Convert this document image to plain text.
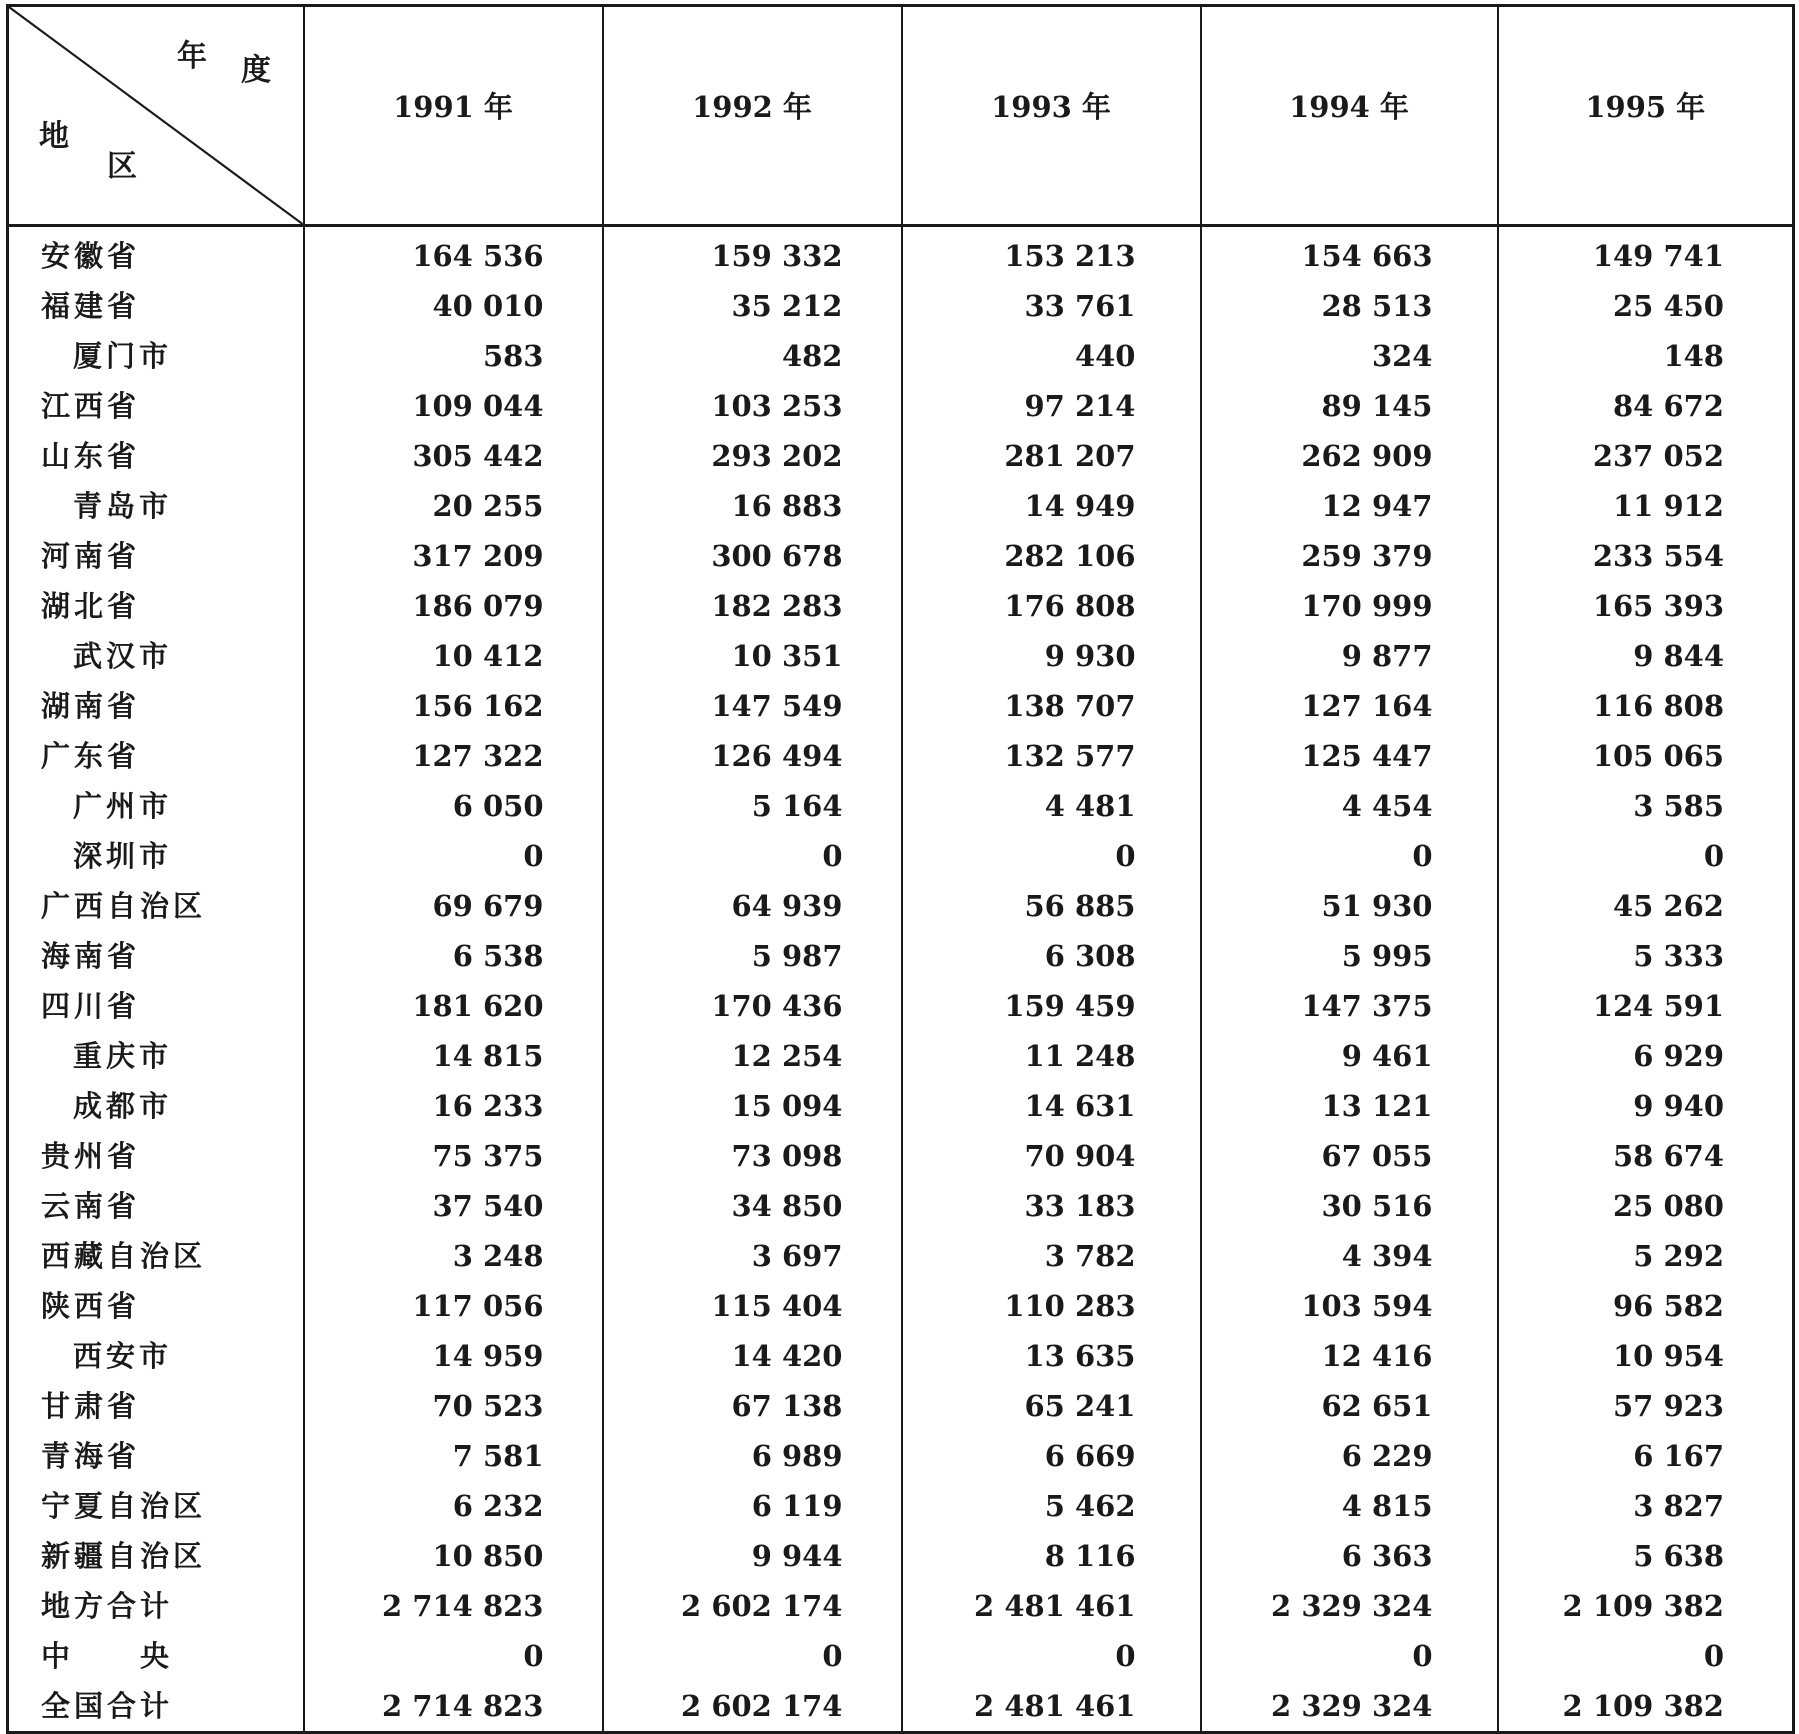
年 度
地
区	1991 年	1992 年	1993 年	1994 年	1995 年
安徽省	164 536	159 332	153 213	154 663	149 741
福建省	40 010	35 212	33 761	28 513	25 450
厦门市	583	482	440	324	148
江西省	109 044	103 253	97 214	89 145	84 672
山东省	305 442	293 202	281 207	262 909	237 052
青岛市	20 255	16 883	14 949	12 947	11 912
河南省	317 209	300 678	282 106	259 379	233 554
湖北省	186 079	182 283	176 808	170 999	165 393
武汉市	10 412	10 351	9 930	9 877	9 844
湖南省	156 162	147 549	138 707	127 164	116 808
广东省	127 322	126 494	132 577	125 447	105 065
广州市	6 050	5 164	4 481	4 454	3 585
深圳市	0	0	0	0	0
广西自治区	69 679	64 939	56 885	51 930	45 262
海南省	6 538	5 987	6 308	5 995	5 333
四川省	181 620	170 436	159 459	147 375	124 591
重庆市	14 815	12 254	11 248	9 461	6 929
成都市	16 233	15 094	14 631	13 121	9 940
贵州省	75 375	73 098	70 904	67 055	58 674
云南省	37 540	34 850	33 183	30 516	25 080
西藏自治区	3 248	3 697	3 782	4 394	5 292
陕西省	117 056	115 404	110 283	103 594	96 582
西安市	14 959	14 420	13 635	12 416	10 954
甘肃省	70 523	67 138	65 241	62 651	57 923
青海省	7 581	6 989	6 669	6 229	6 167
宁夏自治区	6 232	6 119	5 462	4 815	3 827
新疆自治区	10 850	9 944	8 116	6 363	5 638
地方合计	2 714 823	2 602 174	2 481 461	2 329 324	2 109 382
中　　央	0	0	0	0	0
全国合计	2 714 823	2 602 174	2 481 461	2 329 324	2 109 382
